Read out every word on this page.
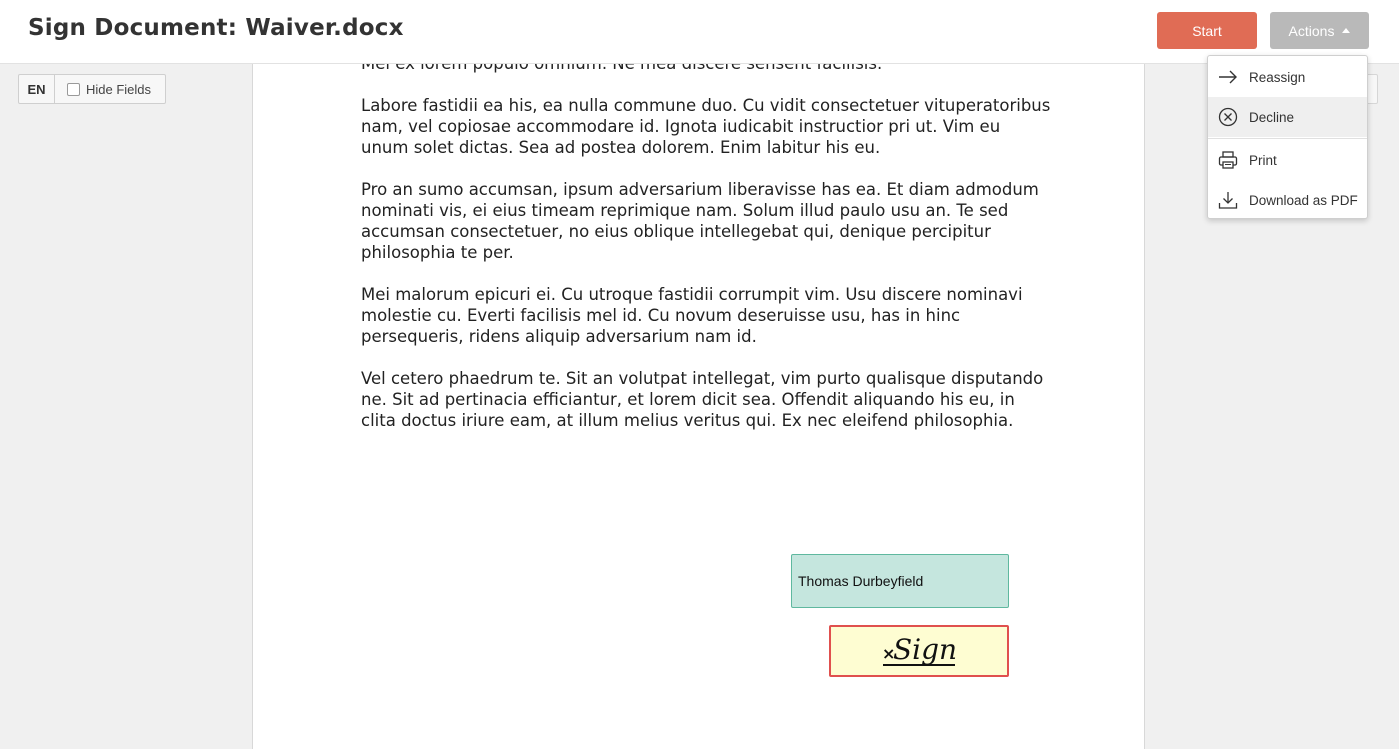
Sign Document: Waiver.docx	Start	Actions
EN	Hide Fields

Labore fastidii ea his, ea nulla commune duo. Cu vidit consectetuer vituperatoribus nam, vel copiosae accommodare id. Ignota iudicabit instructior pri ut. Vim eu unum solet dictas. Sea ad postea dolorem. Enim labitur his eu.

Pro an sumo accumsan, ipsum adversarium liberavisse has ea. Et diam admodum nominati vis, ei eius timeam reprimique nam. Solum illud paulo usu an. Te sed accumsan consectetuer, no eius oblique intellegebat qui, denique percipitur philosophia te per.

Mei malorum epicuri ei. Cu utroque fastidii corrumpit vim. Usu discere nominavi molestie cu. Everti facilisis mel id. Cu novum deseruisse usu, has in hinc persequeris, ridens aliquip adversarium nam id.

Vel cetero phaedrum te. Sit an volutpat intellegat, vim purto qualisque disputando ne. Sit ad pertinacia efficiantur, et lorem dicit sea. Offendit aliquando his eu, in clita doctus iriure eam, at illum melius veritus qui. Ex nec eleifend philosophia.

Thomas Durbeyfield
×
Sign
Reassign
Decline
Print
Download as PDF
